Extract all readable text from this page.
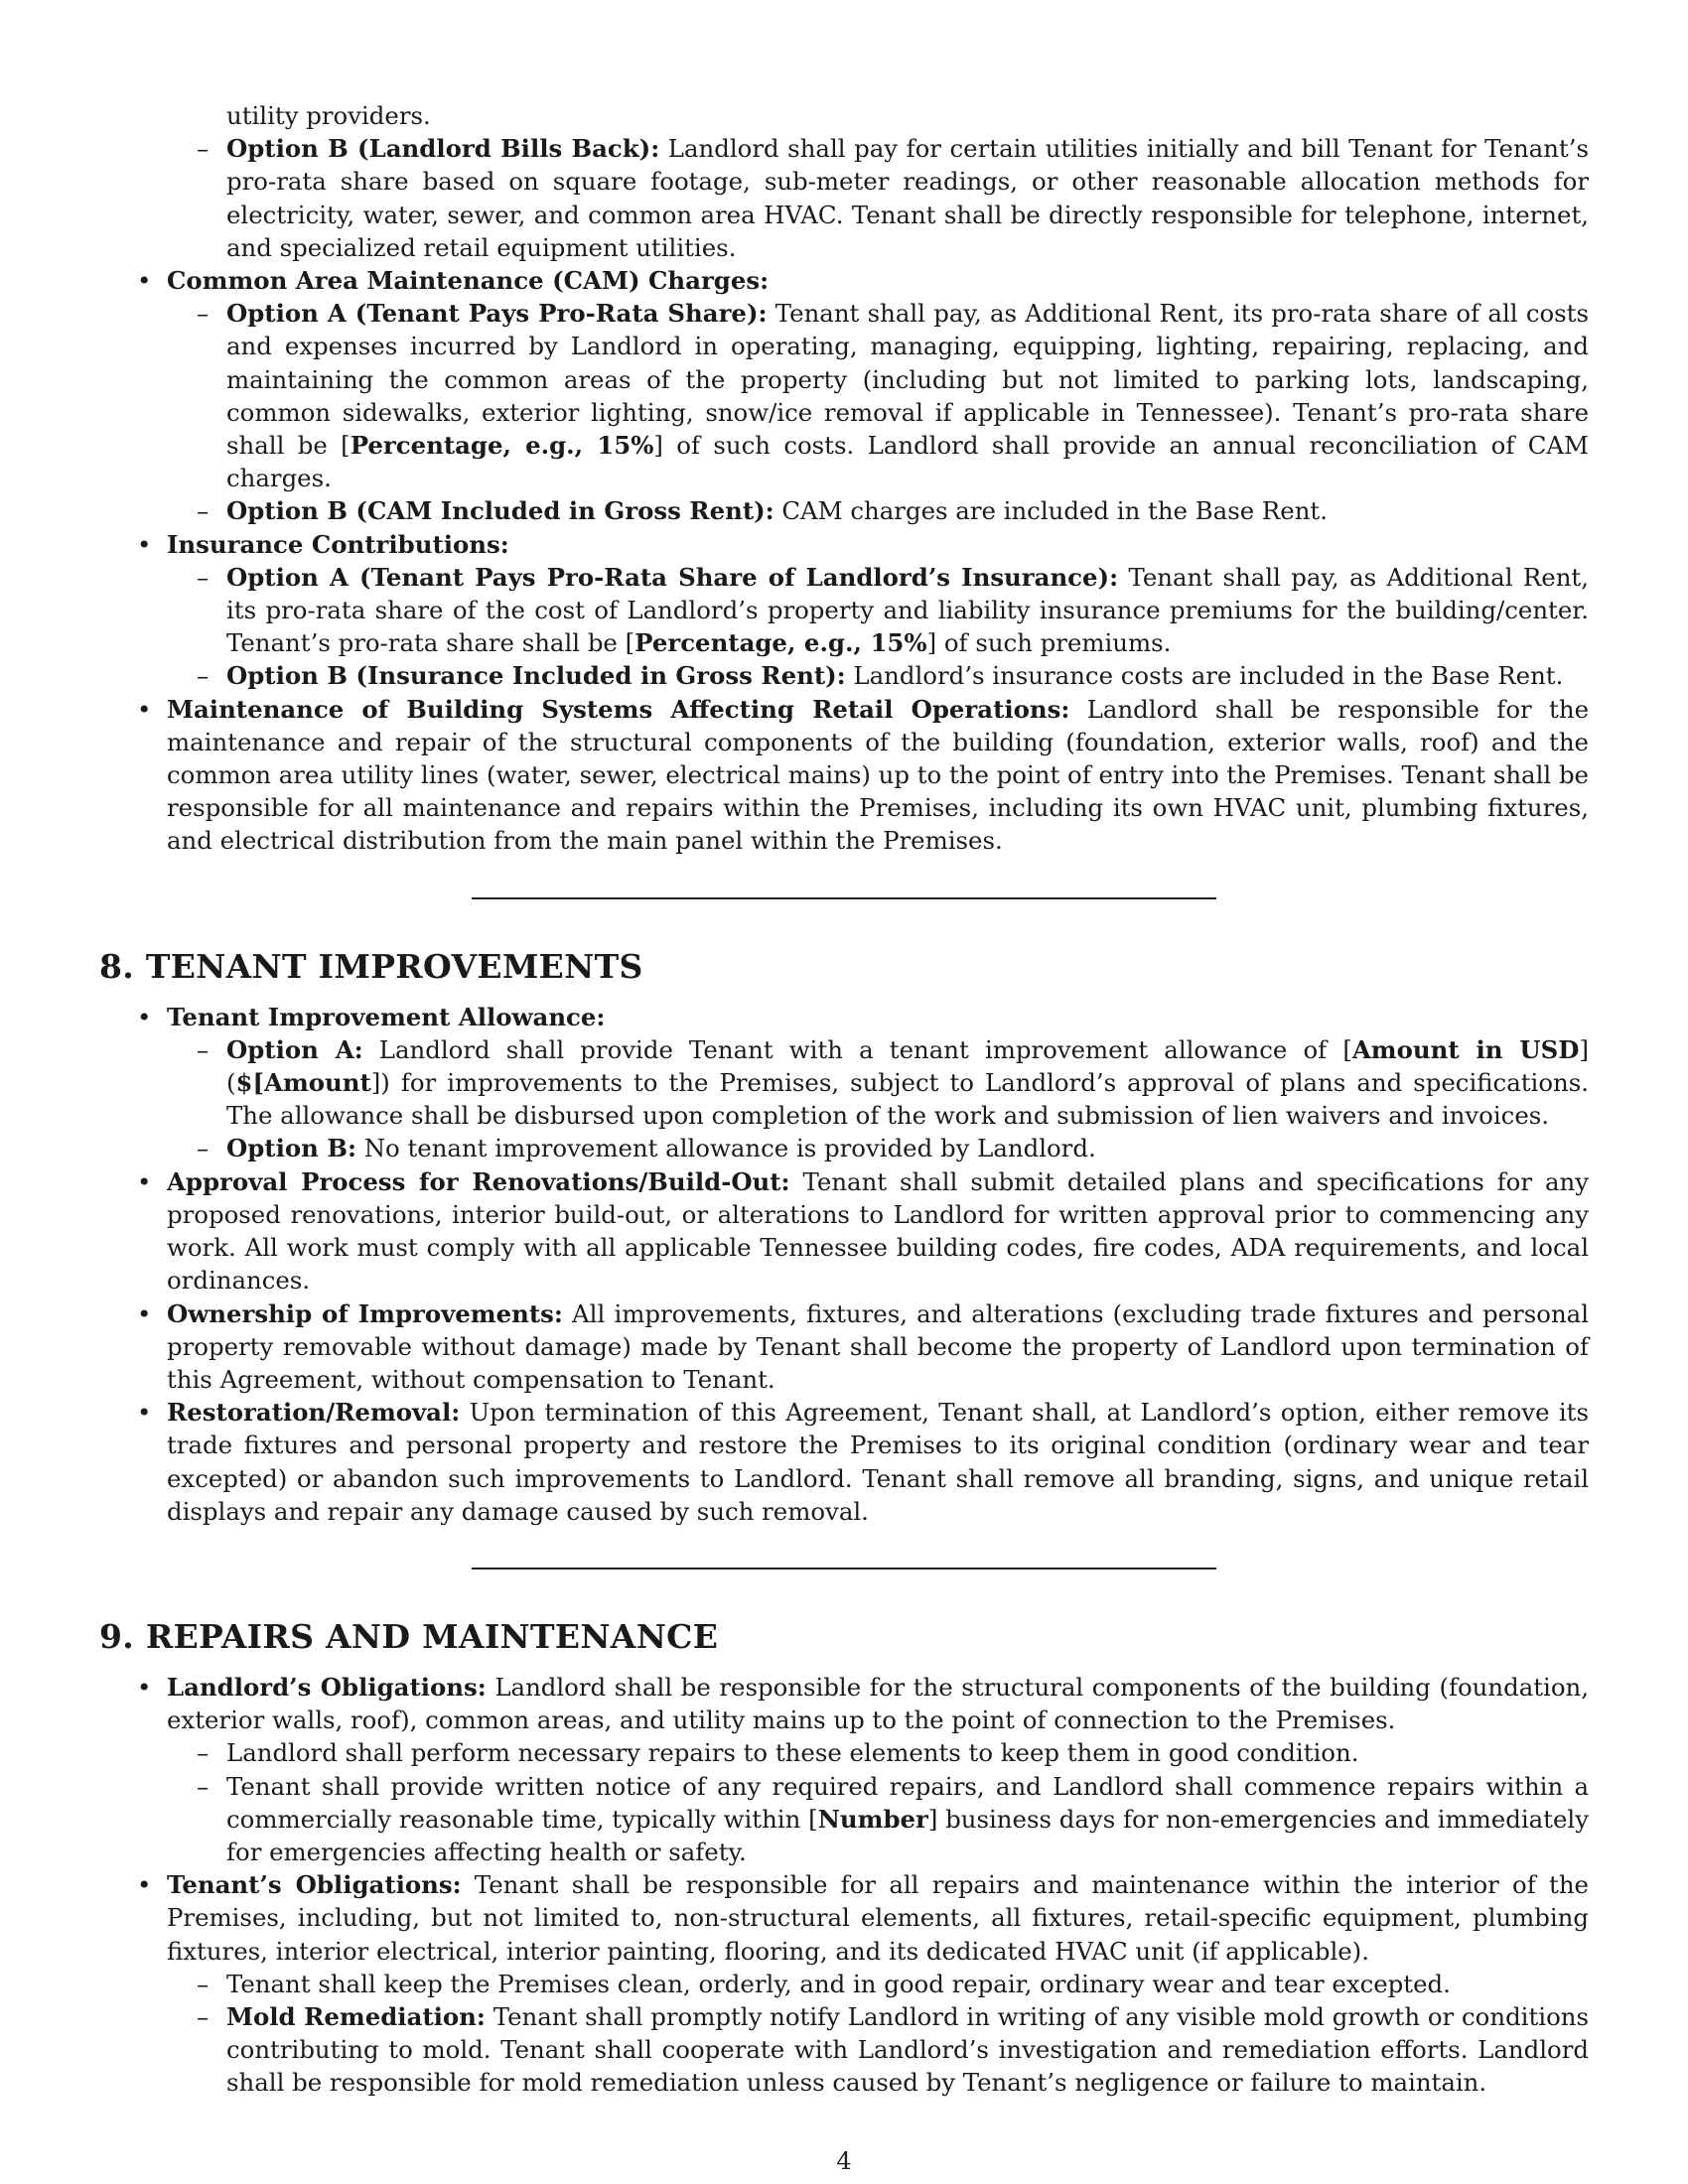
utility providers.
– Option B (Landlord Bills Back): Landlord shall pay for certain utilities initially and bill Tenant for Tenant’s pro-rata share based on square footage, sub-meter readings, or other reasonable allocation methods for electricity, water, sewer, and common area HVAC. Tenant shall be directly responsible for telephone, internet, and specialized retail equipment utilities.
• Common Area Maintenance (CAM) Charges:
– Option A (Tenant Pays Pro-Rata Share): Tenant shall pay, as Additional Rent, its pro-rata share of all costs and expenses incurred by Landlord in operating, managing, equipping, lighting, repairing, replacing, and maintaining the common areas of the property (including but not limited to parking lots, landscaping, common sidewalks, exterior lighting, snow/ice removal if applicable in Tennessee). Tenant’s pro-rata share shall be [Percentage, e.g., 15%] of such costs. Landlord shall provide an annual reconciliation of CAM charges.
– Option B (CAM Included in Gross Rent): CAM charges are included in the Base Rent.
• Insurance Contributions:
– Option A (Tenant Pays Pro-Rata Share of Landlord’s Insurance): Tenant shall pay, as Additional Rent, its pro-rata share of the cost of Landlord’s property and liability insurance premiums for the building/center. Tenant’s pro-rata share shall be [Percentage, e.g., 15%] of such premiums.
– Option B (Insurance Included in Gross Rent): Landlord’s insurance costs are included in the Base Rent.
• Maintenance of Building Systems Affecting Retail Operations: Landlord shall be responsible for the maintenance and repair of the structural components of the building (foundation, exterior walls, roof) and the common area utility lines (water, sewer, electrical mains) up to the point of entry into the Premises. Tenant shall be responsible for all maintenance and repairs within the Premises, including its own HVAC unit, plumbing fixtures, and electrical distribution from the main panel within the Premises.
8. TENANT IMPROVEMENTS
• Tenant Improvement Allowance:
– Option A: Landlord shall provide Tenant with a tenant improvement allowance of [Amount in USD] ($[Amount]) for improvements to the Premises, subject to Landlord’s approval of plans and specifications. The allowance shall be disbursed upon completion of the work and submission of lien waivers and invoices.
– Option B: No tenant improvement allowance is provided by Landlord.
• Approval Process for Renovations/Build-Out: Tenant shall submit detailed plans and specifications for any proposed renovations, interior build-out, or alterations to Landlord for written approval prior to commencing any work. All work must comply with all applicable Tennessee building codes, fire codes, ADA requirements, and local ordinances.
• Ownership of Improvements: All improvements, fixtures, and alterations (excluding trade fixtures and personal property removable without damage) made by Tenant shall become the property of Landlord upon termination of this Agreement, without compensation to Tenant.
• Restoration/Removal: Upon termination of this Agreement, Tenant shall, at Landlord’s option, either remove its trade fixtures and personal property and restore the Premises to its original condition (ordinary wear and tear excepted) or abandon such improvements to Landlord. Tenant shall remove all branding, signs, and unique retail displays and repair any damage caused by such removal.
9. REPAIRS AND MAINTENANCE
• Landlord’s Obligations: Landlord shall be responsible for the structural components of the building (foundation, exterior walls, roof), common areas, and utility mains up to the point of connection to the Premises.
– Landlord shall perform necessary repairs to these elements to keep them in good condition.
– Tenant shall provide written notice of any required repairs, and Landlord shall commence repairs within a commercially reasonable time, typically within [Number] business days for non-emergencies and immediately for emergencies affecting health or safety.
• Tenant’s Obligations: Tenant shall be responsible for all repairs and maintenance within the interior of the Premises, including, but not limited to, non-structural elements, all fixtures, retail-specific equipment, plumbing fixtures, interior electrical, interior painting, flooring, and its dedicated HVAC unit (if applicable).
– Tenant shall keep the Premises clean, orderly, and in good repair, ordinary wear and tear excepted.
– Mold Remediation: Tenant shall promptly notify Landlord in writing of any visible mold growth or conditions contributing to mold. Tenant shall cooperate with Landlord’s investigation and remediation efforts. Landlord shall be responsible for mold remediation unless caused by Tenant’s negligence or failure to maintain.
4
